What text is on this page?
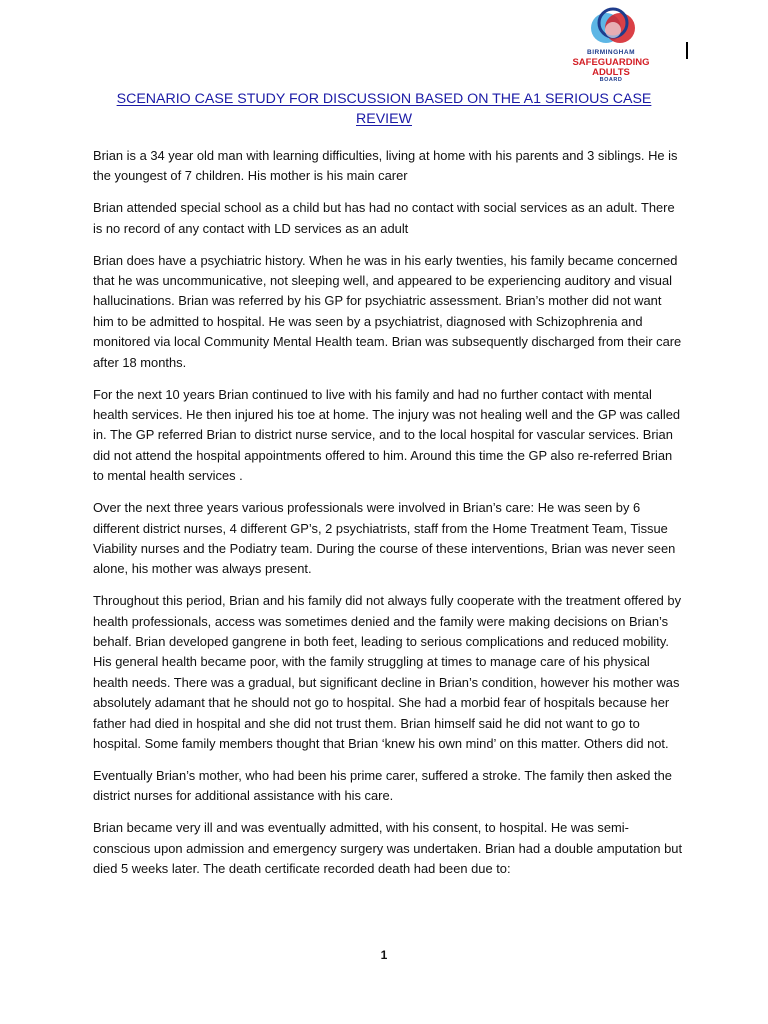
BIRMINGHAM
SAFEGUARDING
ADULTS
BOARD
SCENARIO CASE STUDY FOR DISCUSSION BASED ON THE A1 SERIOUS CASE REVIEW

Brian is a 34 year old man with learning difficulties, living at home with his parents and 3 siblings. He is the youngest of 7 children. His mother is his main carer

Brian attended special school as a child but has had no contact with social services as an adult. There is no record of any contact with LD services as an adult

Brian does have a psychiatric history. When he was in his early twenties, his family became concerned that he was uncommunicative, not sleeping well, and appeared to be experiencing auditory and visual hallucinations. Brian was referred by his GP for psychiatric assessment. Brian’s mother did not want him to be admitted to hospital. He was seen by a psychiatrist, diagnosed with Schizophrenia and monitored via local Community Mental Health team. Brian was subsequently discharged from their care after 18 months.

For the next 10 years Brian continued to live with his family and had no further contact with mental health services. He then injured his toe at home. The injury was not healing well and the GP was called in. The GP referred Brian to district nurse service, and to the local hospital for vascular services. Brian did not attend the hospital appointments offered to him. Around this time the GP also re-referred Brian to mental health services .

Over the next three years various professionals were involved in Brian’s care: He was seen by 6 different district nurses, 4 different GP’s, 2 psychiatrists, staff from the Home Treatment Team, Tissue Viability nurses and the Podiatry team. During the course of these interventions, Brian was never seen alone, his mother was always present.

Throughout this period, Brian and his family did not always fully cooperate with the treatment offered by health professionals, access was sometimes denied and the family were making decisions on Brian’s behalf. Brian developed gangrene in both feet, leading to serious complications and reduced mobility. His general health became poor, with the family struggling at times to manage care of his physical health needs. There was a gradual, but significant decline in Brian’s condition, however his mother was absolutely adamant that he should not go to hospital. She had a morbid fear of hospitals because her father had died in hospital and she did not trust them. Brian himself said he did not want to go to hospital. Some family members thought that Brian ‘knew his own mind’ on this matter. Others did not.

Eventually Brian’s mother, who had been his prime carer, suffered a stroke. The family then asked the district nurses for additional assistance with his care.

Brian became very ill and was eventually admitted, with his consent, to hospital. He was semi-conscious upon admission and emergency surgery was undertaken. Brian had a double amputation but died 5 weeks later. The death certificate recorded death had been due to:

1
